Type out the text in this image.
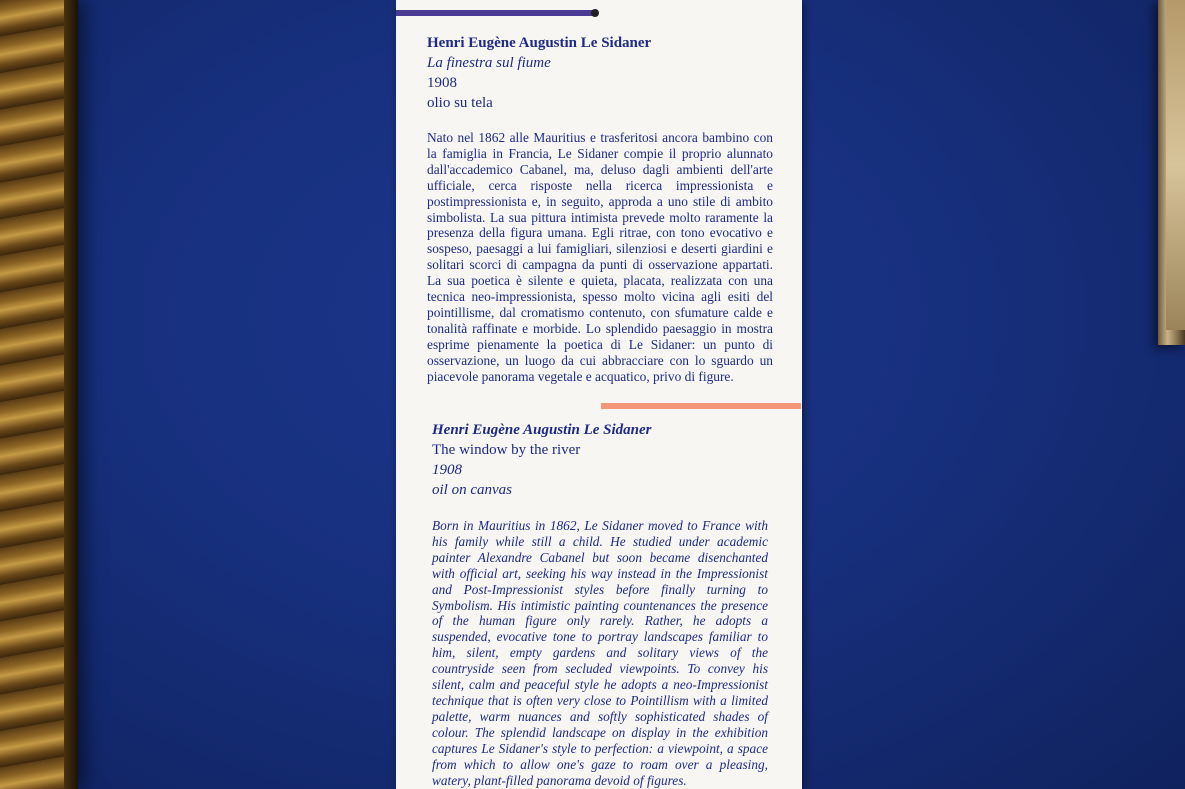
Henri Eugène Augustin Le Sidaner
La finestra sul fiume
1908
olio su tela
Nato nel 1862 alle Mauritius e trasferitosi ancora bambino con la famiglia in Francia, Le Sidaner compie il proprio alunnato dall'accademico Cabanel, ma, deluso dagli ambienti dell'arte ufficiale, cerca risposte nella ricerca impressionista e postimpressionista e, in seguito, approda a uno stile di ambito simbolista. La sua pittura intimista prevede molto raramente la presenza della figura umana. Egli ritrae, con tono evocativo e sospeso, paesaggi a lui famigliari, silenziosi e deserti giardini e solitari scorci di campagna da punti di osservazione appartati. La sua poetica è silente e quieta, placata, realizzata con una tecnica neo-impressionista, spesso molto vicina agli esiti del pointillisme, dal cromatismo contenuto, con sfumature calde e tonalità raffinate e morbide. Lo splendido paesaggio in mostra esprime pienamente la poetica di Le Sidaner: un punto di osservazione, un luogo da cui abbracciare con lo sguardo un piacevole panorama vegetale e acquatico, privo di figure.
Henri Eugène Augustin Le Sidaner
The window by the river
1908
oil on canvas
Born in Mauritius in 1862, Le Sidaner moved to France with his family while still a child. He studied under academic painter Alexandre Cabanel but soon became disenchanted with official art, seeking his way instead in the Impressionist and Post-Impressionist styles before finally turning to Symbolism. His intimistic painting countenances the presence of the human figure only rarely. Rather, he adopts a suspended, evocative tone to portray landscapes familiar to him, silent, empty gardens and solitary views of the countryside seen from secluded viewpoints. To convey his silent, calm and peaceful style he adopts a neo-Impressionist technique that is often very close to Pointillism with a limited palette, warm nuances and softly sophisticated shades of colour. The splendid landscape on display in the exhibition captures Le Sidaner's style to perfection: a viewpoint, a space from which to allow one's gaze to roam over a pleasing, watery, plant-filled panorama devoid of figures.
